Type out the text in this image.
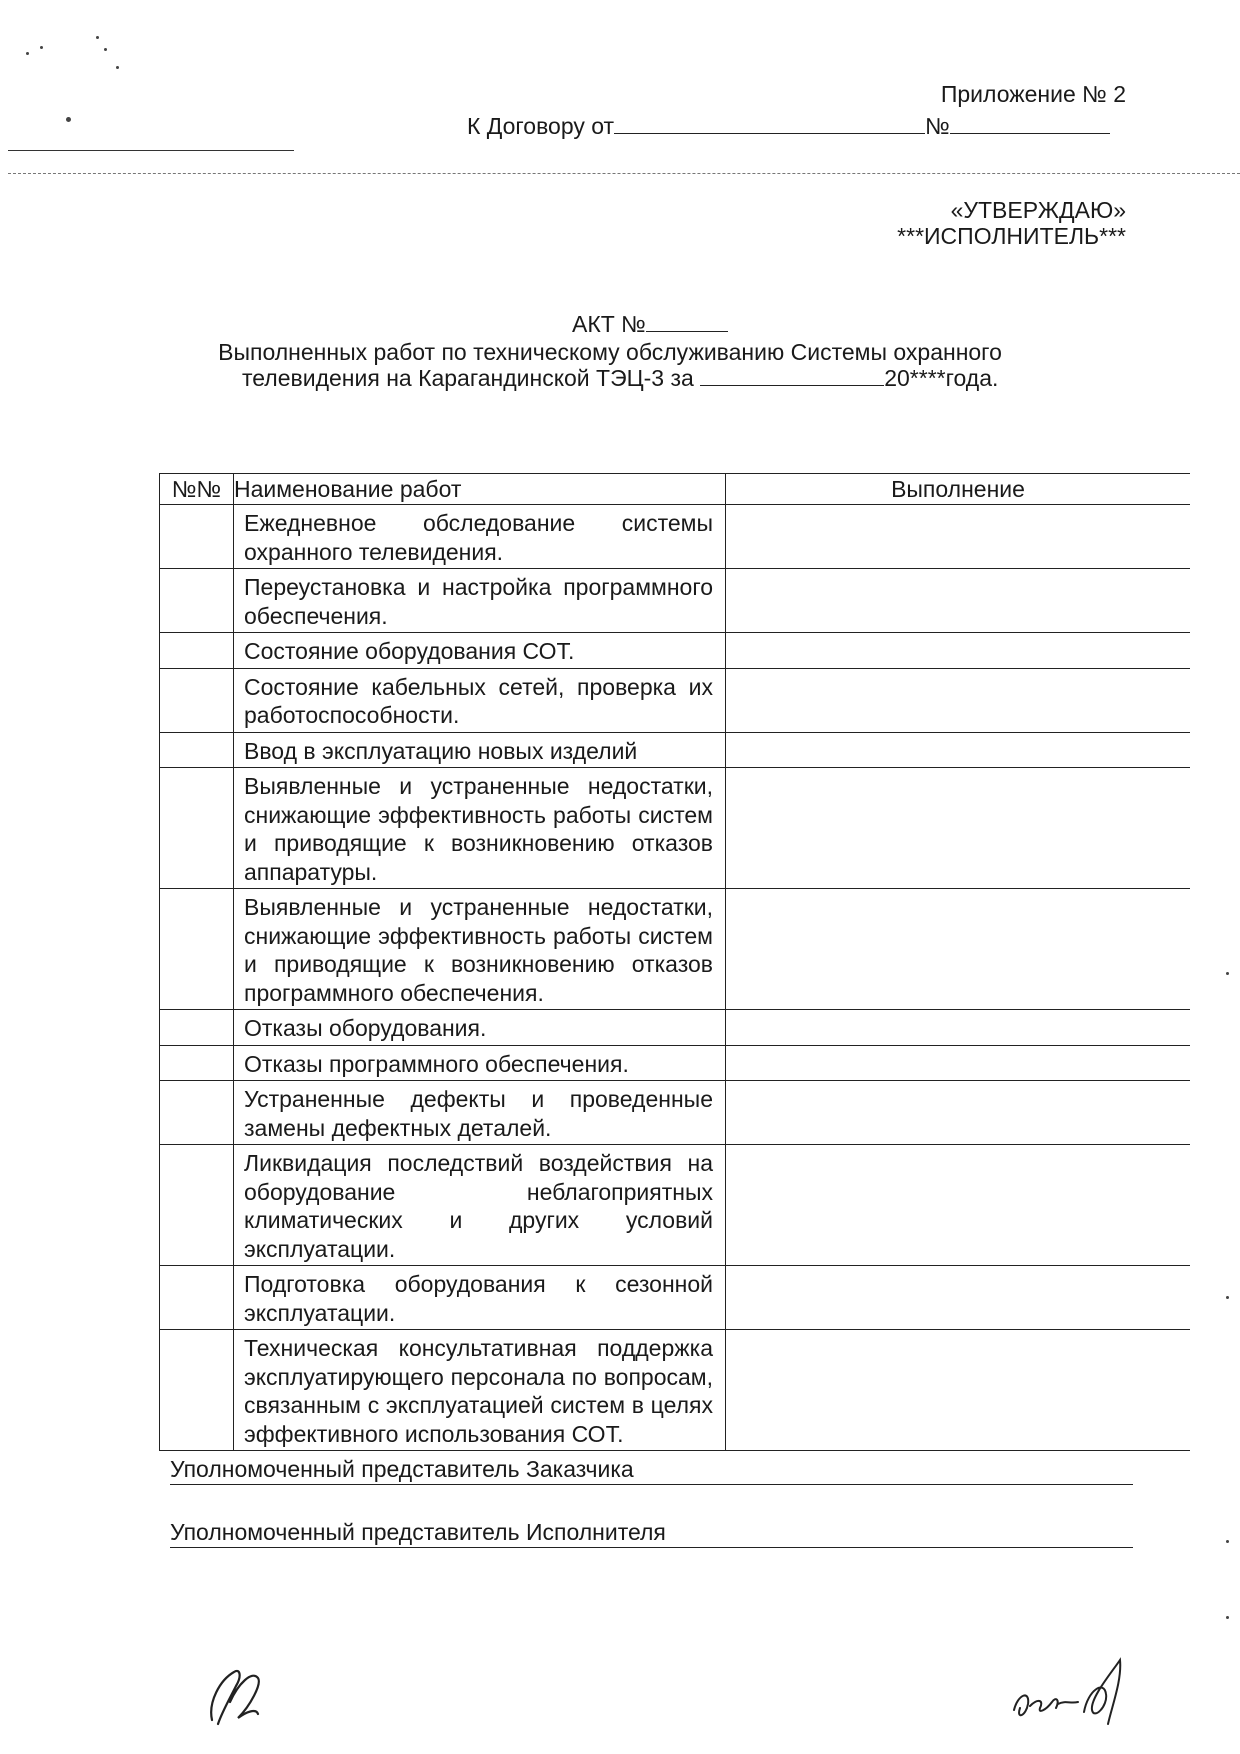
Приложение № 2
К Договору от	№
«УТВЕРЖДАЮ»
***ИСПОЛНИТЕЛЬ***
АКТ №
Выполненных работ по техническому обслуживанию Системы охранного
телевидения на Карагандинской ТЭЦ-3 за	20****года.
№№	Наименование работ	Выполнение
	Ежедневное обследование системы охранного телевидения.	
	Переустановка и настройка программного обеспечения.	
	Состояние оборудования СОТ.	
	Состояние кабельных сетей, проверка их работоспособности.	
	Ввод в эксплуатацию новых изделий	
	Выявленные и устраненные недостатки, снижающие эффективность работы систем и приводящие к возникновению отказов аппаратуры.	
	Выявленные и устраненные недостатки, снижающие эффективность работы систем и приводящие к возникновению отказов программного обеспечения.	
	Отказы оборудования.	
	Отказы программного обеспечения.	
	Устраненные дефекты и проведенные замены дефектных деталей.	
	Ликвидация последствий воздействия на оборудование неблагоприятных климатических и других условий эксплуатации.	
	Подготовка оборудования к сезонной эксплуатации.	
	Техническая консультативная поддержка эксплуатирующего персонала по вопросам, связанным с эксплуатацией систем в целях эффективного использования СОТ.	
Уполномоченный представитель Заказчика
Уполномоченный представитель Исполнителя
